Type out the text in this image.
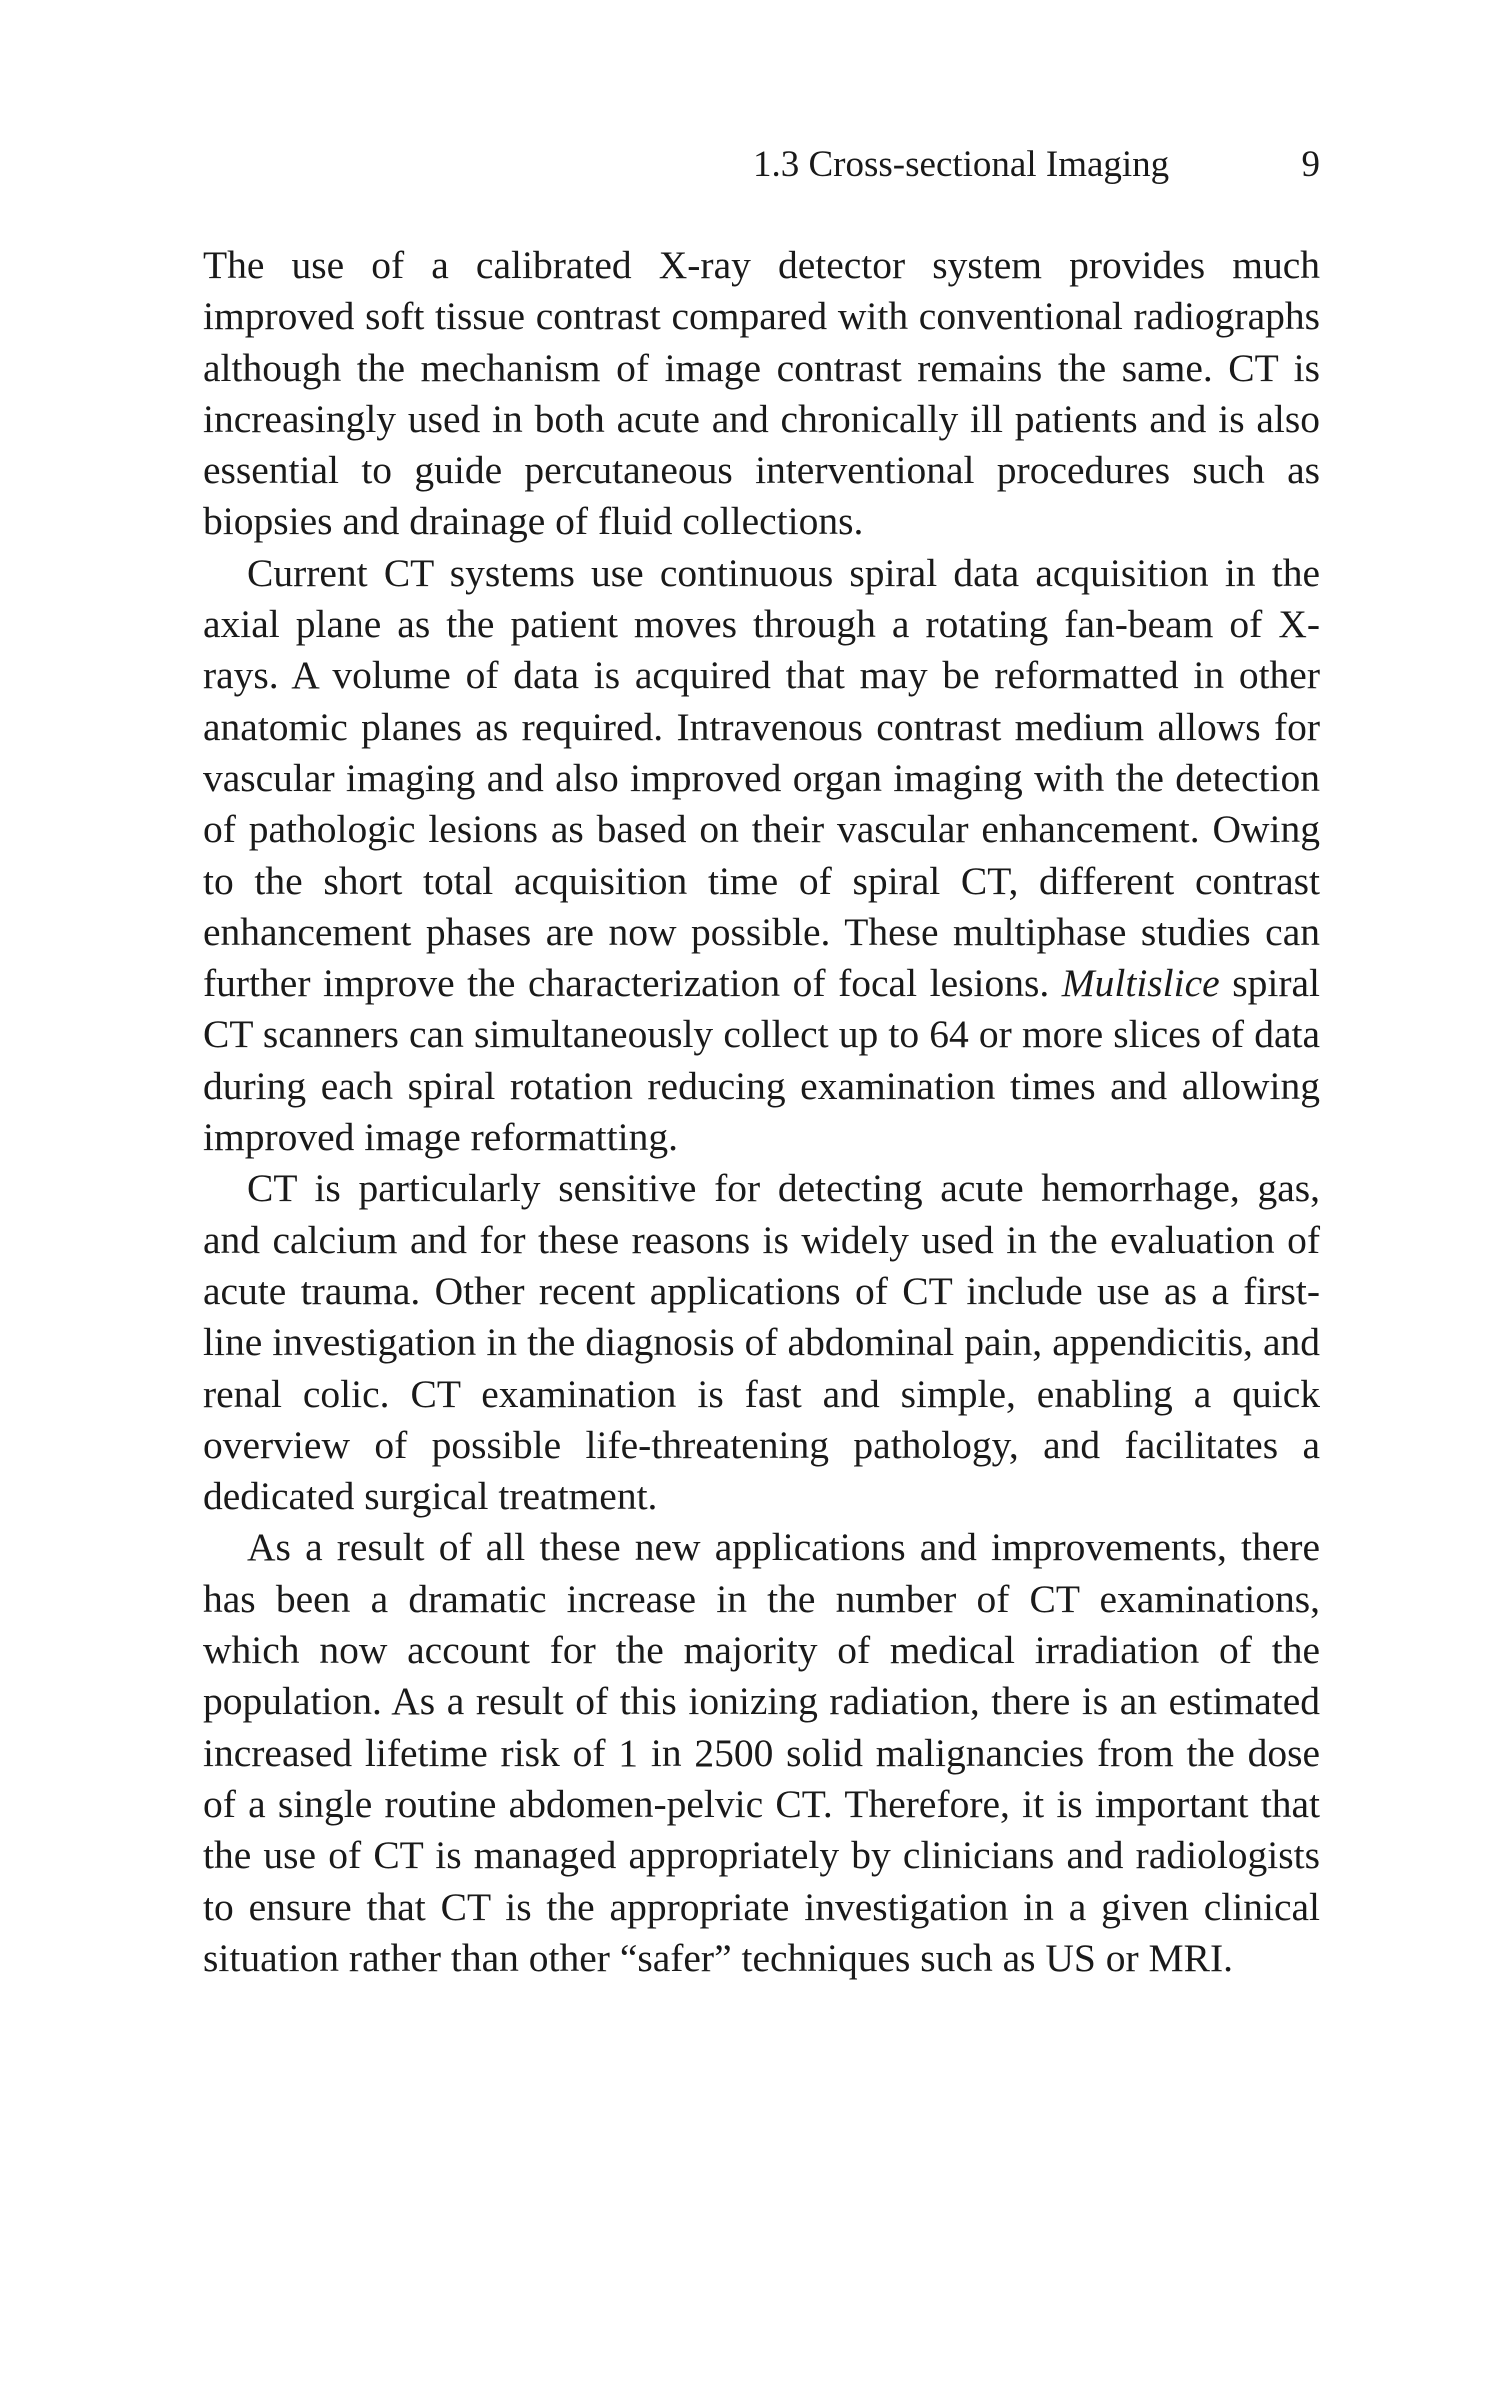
1.3 Cross-sectional Imaging	9

The use of a calibrated X-ray detector system provides much improved soft tissue contrast compared with conventional radiographs although the mechanism of image contrast remains the same. CT is increasingly used in both acute and chronically ill patients and is also essential to guide percutaneous interventional procedures such as biopsies and drainage of fluid collections.

Current CT systems use continuous spiral data acquisition in the axial plane as the patient moves through a rotating fan-beam of X-rays. A volume of data is acquired that may be reformatted in other anatomic planes as required. Intravenous contrast medium allows for vascular imaging and also improved organ imaging with the detection of pathologic lesions as based on their vascular enhancement. Owing to the short total acquisition time of spiral CT, different contrast enhancement phases are now possible. These multiphase studies can further improve the characterization of focal lesions. Multislice spiral CT scanners can simultaneously collect up to 64 or more slices of data during each spiral rotation reducing examination times and allowing improved image reformatting.

CT is particularly sensitive for detecting acute hemorrhage, gas, and calcium and for these reasons is widely used in the evaluation of acute trauma. Other recent applications of CT include use as a first-line investigation in the diagnosis of abdominal pain, appendicitis, and renal colic. CT examination is fast and simple, enabling a quick overview of possible life-threatening pathology, and facilitates a dedicated surgical treatment.

As a result of all these new applications and improvements, there has been a dramatic increase in the number of CT examinations, which now account for the majority of medical irradiation of the population. As a result of this ionizing radiation, there is an estimated increased lifetime risk of 1 in 2500 solid malignancies from the dose of a single routine abdomen-pelvic CT. Therefore, it is important that the use of CT is managed appropriately by clinicians and radiologists to ensure that CT is the appropriate investigation in a given clinical situation rather than other “safer” techniques such as US or MRI.
